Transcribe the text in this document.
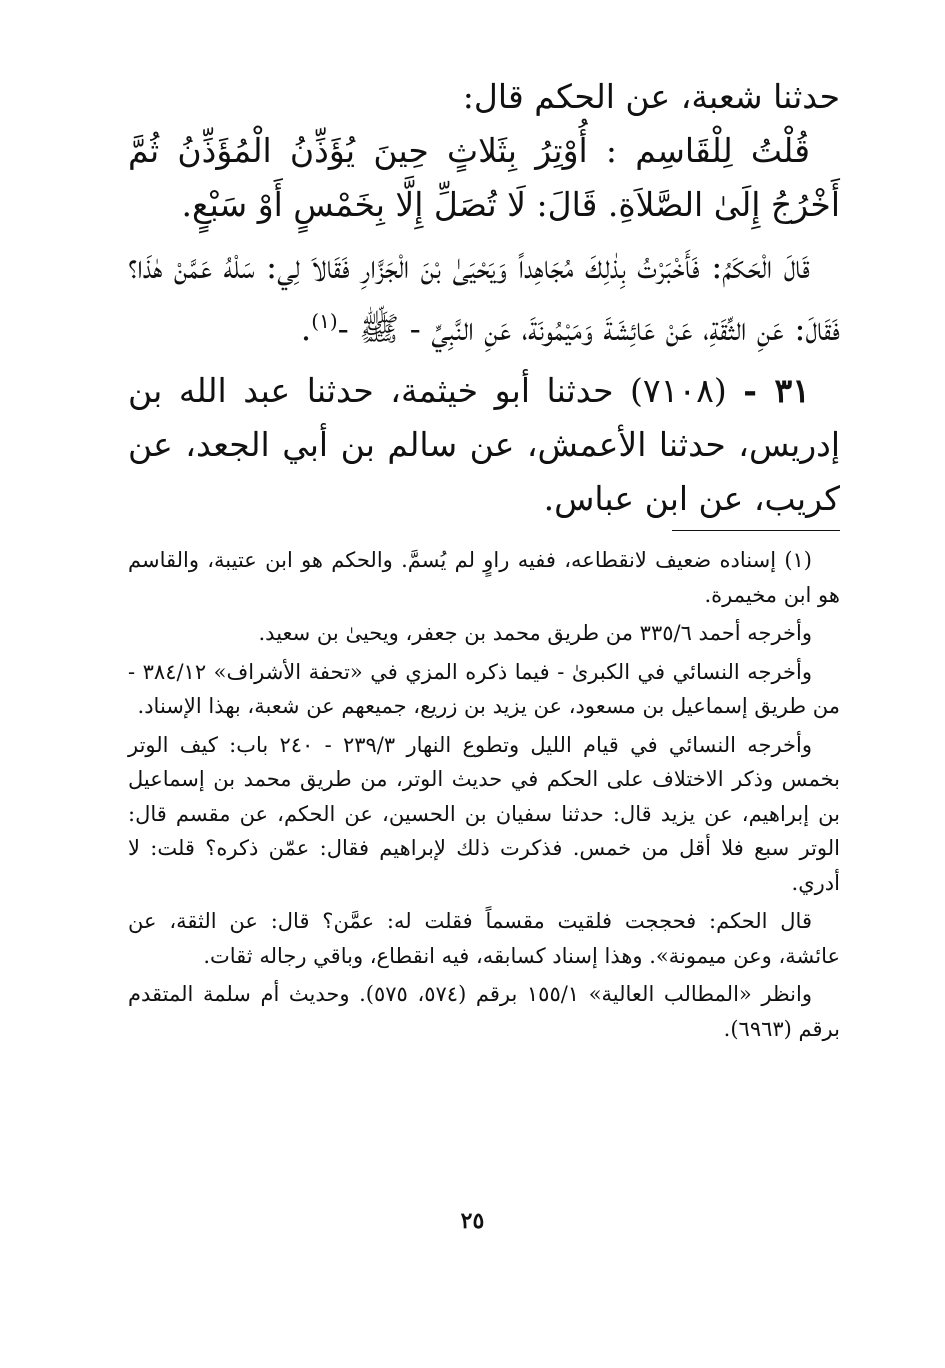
حدثنا شعبة، عن الحكم قال:

قُلْتُ لِلْقَاسِم : أُوْتِرُ بِثَلاثٍ حِينَ يُؤَذِّنُ الْمُؤَذِّنُ ثُمَّ أَخْرُجُ إِلَىٰ الصَّلاَةِ. قَالَ: لَا تُصَلِّ إِلَّا بِخَمْسٍ أَوْ سَبْعٍ.

قَالَ الْحَكَمُ: فَأَخْبَرْتُ بِذٰلِكَ مُجَاهِداً وَيَحْيَىٰ بْنَ الْجَزَّارِ فَقَالاَ لِي: سَلْهُ عَمَّنْ هٰذَا؟ فَقَالَ: عَنِ الثِّقَةِ، عَنْ عَائِشَةَ وَمَيْمُونَةَ، عَنِ النَّبِيِّ - ﷺ -$^{(١)}$.

٣١ - (٧١٠٨) حدثنا أبو خيثمة، حدثنا عبد الله بن إدريس، حدثنا الأعمش، عن سالم بن أبي الجعد، عن كريب، عن ابن عباس.

(١) إسناده ضعيف لانقطاعه، ففيه راوٍ لم يُسمَّ. والحكم هو ابن عتيبة، والقاسم هو ابن مخيمرة.

وأخرجه أحمد ٣٣٥/٦ من طريق محمد بن جعفر، ويحيىٰ بن سعيد.

وأخرجه النسائي في الكبرىٰ - فيما ذكره المزي في «تحفة الأشراف» ٣٨٤/١٢ - من طريق إسماعيل بن مسعود، عن يزيد بن زريع، جميعهم عن شعبة، بهذا الإسناد.

وأخرجه النسائي في قيام الليل وتطوع النهار ٢٣٩/٣ - ٢٤٠ باب: كيف الوتر بخمس وذكر الاختلاف على الحكم في حديث الوتر، من طريق محمد بن إسماعيل بن إبراهيم، عن يزيد قال: حدثنا سفيان بن الحسين، عن الحكم، عن مقسم قال: الوتر سبع فلا أقل من خمس. فذكرت ذلك لإبراهيم فقال: عمّن ذكره؟ قلت: لا أدري.

قال الحكم: فحججت فلقيت مقسماً فقلت له: عمَّن؟ قال: عن الثقة، عن عائشة، وعن ميمونة». وهذا إسناد كسابقه، فيه انقطاع، وباقي رجاله ثقات.

وانظر «المطالب العالية» ١٥٥/١ برقم (٥٧٤، ٥٧٥). وحديث أم سلمة المتقدم برقم (٦٩٦٣).

٢٥
